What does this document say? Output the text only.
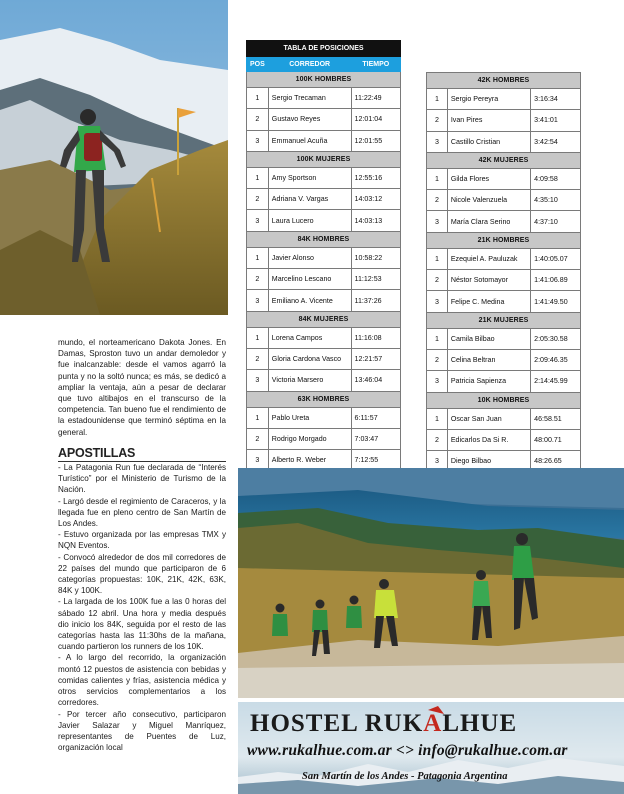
mundo, el norteamericano Dakota Jones. En Damas, Sproston tuvo un andar demoledor y fue inalcanzable: desde el vamos agarró la punta y no la soltó nunca; es más, se dedicó a ampliar la ventaja, aún a pesar de declarar que tuvo altibajos en el transcurso de la competencia. Tan bueno fue el rendimiento de la estadounidense que terminó séptima en la general.

APOSTILLAS

- La Patagonia Run fue declarada de “Interés Turístico” por el Ministerio de Turismo de la Nación.

- Largó desde el regimiento de Caraceros, y la llegada fue en pleno centro de San Martín de Los Andes.

- Estuvo organizada por las empresas TMX y NQN Eventos.

- Convocó alrededor de dos mil corredores de 22 países del mundo que participaron de 6 categorías propuestas: 10K, 21K, 42K, 63K, 84K y 100K.

- La largada de los 100K fue a las 0 horas del sábado 12 abril. Una hora y media después dio inicio los 84K, seguida por el resto de las categorías hasta las 11:30hs de la mañana, cuando partieron los runners de los 10K.

- A lo largo del recorrido, la organización montó 12 puestos de asistencia con bebidas y comidas calientes y frías, asistencia médica y otros servicios complementarios a los corredores.

- Por tercer año consecutivo, participaron Javier Salazar y Miguel Manríquez, representantes de Puentes de Luz, organización local

TABLA DE POSICIONES		
POS	CORREDOR	TIEMPO
100K HOMBRES		
1	Sergio Trecaman	11:22:49
2	Gustavo Reyes	12:01:04
3	Emmanuel Acuña	12:01:55
100K MUJERES		
1	Amy Sportson	12:55:16
2	Adriana V. Vargas	14:03:12
3	Laura Lucero	14:03:13
84K HOMBRES		
1	Javier Alonso	10:58:22
2	Marcelino Lescano	11:12:53
3	Emiliano A. Vicente	11:37:26
84K MUJERES		
1	Lorena Campos	11:16:08
2	Gloria Cardona Vasco	12:21:57
3	Victoria Marsero	13:46:04
63K HOMBRES		
1	Pablo Ureta	6:11:57
2	Rodrigo Morgado	7:03:47
3	Alberto R. Weber	7:12:55

42K HOMBRES		
1	Sergio Pereyra	3:16:34
2	Ivan Pires	3:41:01
3	Castillo Cristian	3:42:54
42K MUJERES		
1	Gilda Flores	4:09:58
2	Nicole Valenzuela	4:35:10
3	María Clara Serino	4:37:10
21K HOMBRES		
1	Ezequiel A. Pauluzak	1:40:05.07
2	Néstor Sotomayor	1:41:06.89
3	Felipe C. Medina	1:41:49.50
21K MUJERES		
1	Camila Bilbao	2:05:30.58
2	Celina Beltran	2:09:46.35
3	Patricia Sapienza	2:14:45.99
10K HOMBRES		
1	Oscar San Juan	46:58.51
2	Edicarlos Da Si R.	48:00.71
3	Diego Bilbao	48:26.65

HOSTEL RUKALHUE
www.rukalhue.com.ar <> info@rukalhue.com.ar
San Martín de los Andes - Patagonia Argentina
